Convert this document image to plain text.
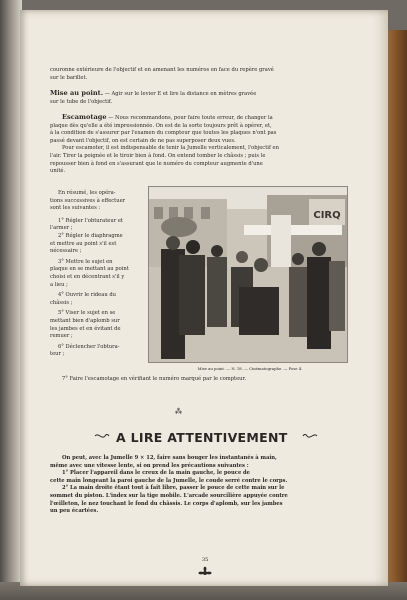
couronne extérieure de l'objectif et en amenant les numéros en face du repère gravé
sur le barillet.
Mise au point. — Agir sur le levier E et lire la distance en mètres gravée
sur le tube de l'objectif.
Escamotage — Nous recommandons, pour faire toute erreur, de changer la
plaque dès qu'elle a été impressionnée. On est de la sorte toujours prêt à opérer, et,
à la condition de s'assurer par l'examen du compteur que toutes les plaques n'ont pas
passé devant l'objectif, on est certain de ne pas superposer deux vues.
Pour escamoter, il est indispensable de tenir la Jumelle verticalement, l'objectif en
l'air. Tirer la poignée et le tiroir bien à fond. On entend tomber le châssis ; puis le
repousser bien à fond en s'assurant que le numéro du compteur augmente d'une
unité.
En résumé, les opéra-
tions successives à effectuer
sont les suivantes :
1° Régler l'obturateur et
l'armer ;
2° Régler le diaphragme
et mettre au point s'il est
nécessaire ;
3° Mettre le sujet en
plaque en se mettant au point
choisi et en décentrant s'il y
a lieu ;
4° Ouvrir le rideau du
châssis ;
5° Viser le sujet en se
mettant bien d'aplomb sur
les jambes et en évitant de
remuer ;
6° Déclencher l'obtura-
teur ;
CIRQ
Mise au point. — N. 18. — Cinématographe. — Pose 4.
7° Faire l'escamotage en vérifiant le numéro marqué par le compteur.
⁂
A LIRE ATTENTIVEMENT
On peut, avec la Jumelle 9 × 12, faire sans bouger les instantanés à main,
même avec une vitesse lente, si on prend les précautions suivantes :
1° Placer l'appareil dans le creux de la main gauche, le pouce de
cette main longeant la paroi gauche de la Jumelle, le coude serré contre le corps.
2° La main droite étant tout à fait libre, passer le pouce de cette main sur le
sommet du piston. L'index sur la tige mobile. L'arcade sourcilière appuyée contre
l'œilleton, le nez touchant le fond du châssis. Le corps d'aplomb, sur les jambes
un peu écartées.
35
